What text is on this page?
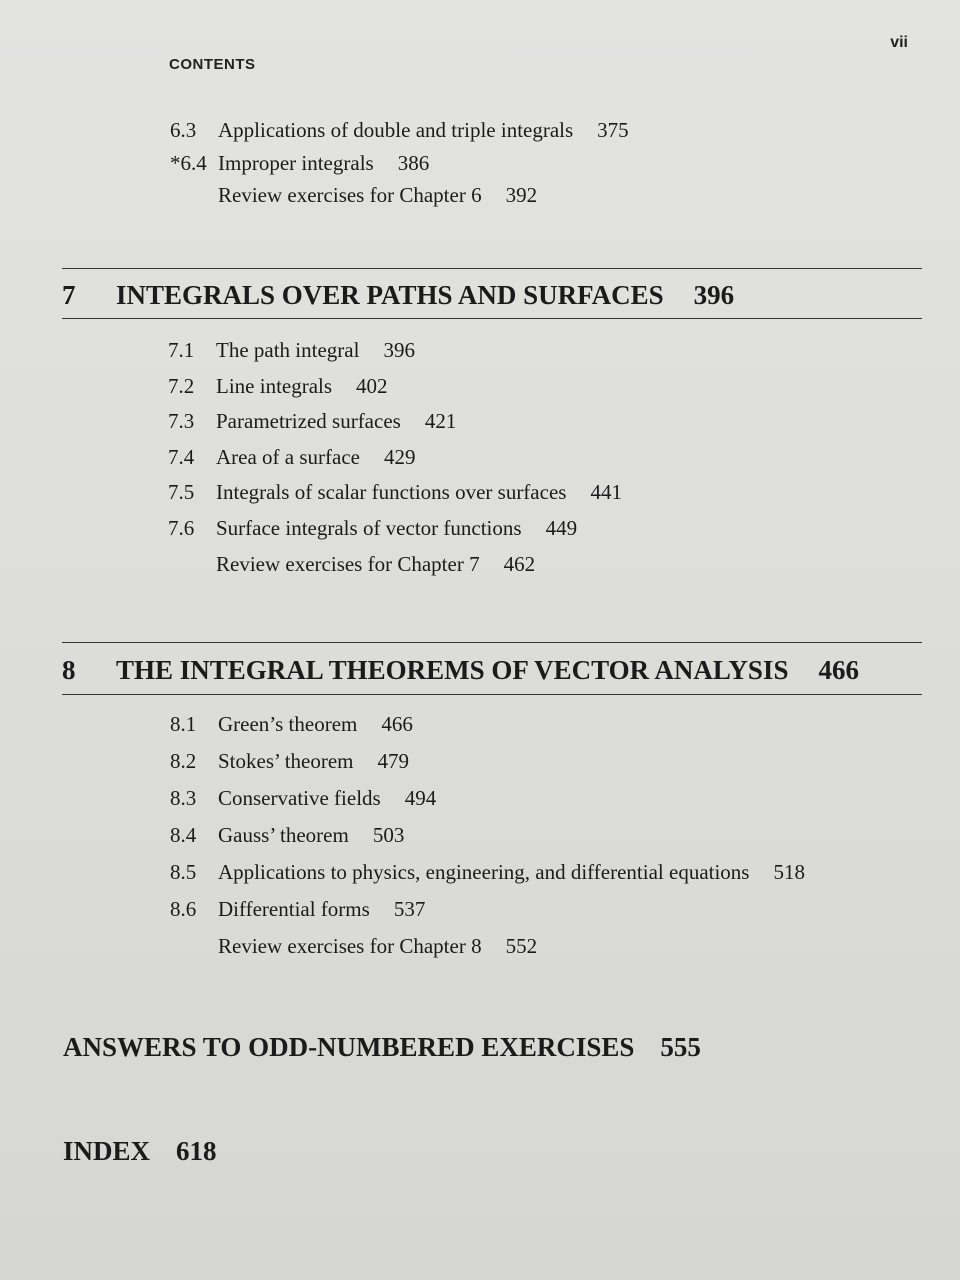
CONTENTS
vii
6.3 Applications of double and triple integrals 375
*6.4 Improper integrals 386
Review exercises for Chapter 6 392
7 INTEGRALS OVER PATHS AND SURFACES 396
7.1 The path integral 396
7.2 Line integrals 402
7.3 Parametrized surfaces 421
7.4 Area of a surface 429
7.5 Integrals of scalar functions over surfaces 441
7.6 Surface integrals of vector functions 449
Review exercises for Chapter 7 462
8 THE INTEGRAL THEOREMS OF VECTOR ANALYSIS 466
8.1 Green’s theorem 466
8.2 Stokes’ theorem 479
8.3 Conservative fields 494
8.4 Gauss’ theorem 503
8.5 Applications to physics, engineering, and differential equations 518
8.6 Differential forms 537
Review exercises for Chapter 8 552
ANSWERS TO ODD-NUMBERED EXERCISES 555
INDEX 618
